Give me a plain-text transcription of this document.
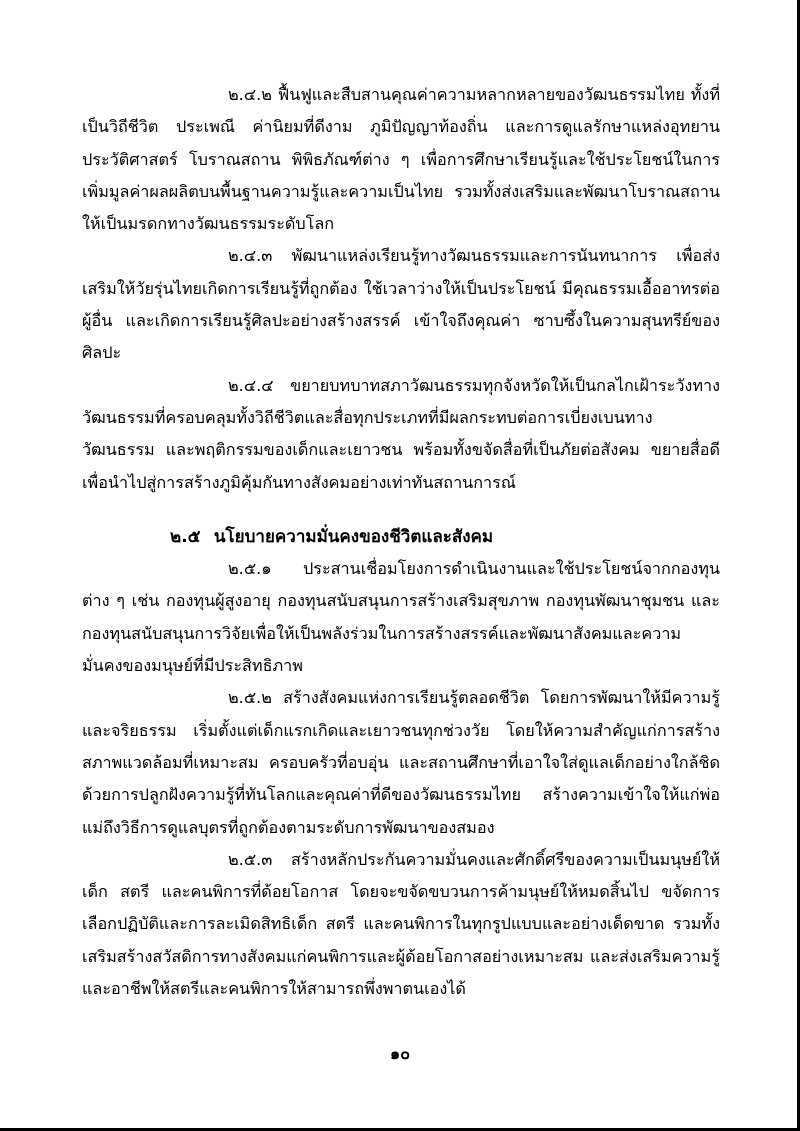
๒.๔.๒ ฟื้นฟูและสืบสานคุณค่าความหลากหลายของวัฒนธรรมไทย ทั้งที่เป็นวิถีชีวิต ประเพณี ค่านิยมที่ดีงาม ภูมิปัญญาท้องถิ่น และการดูแลรักษาแหล่งอุทยานประวัติศาสตร์ โบราณสถาน พิพิธภัณฑ์ต่าง ๆ เพื่อการศึกษาเรียนรู้และใช้ประโยชน์ในการเพิ่มมูลค่าผลผลิตบนพื้นฐานความรู้และความเป็นไทย รวมทั้งส่งเสริมและพัฒนาโบราณสถานให้เป็นมรดกทางวัฒนธรรมระดับโลก

๒.๔.๓ พัฒนาแหล่งเรียนรู้ทางวัฒนธรรมและการนันทนาการ เพื่อส่งเสริมให้วัยรุ่นไทยเกิดการเรียนรู้ที่ถูกต้อง ใช้เวลาว่างให้เป็นประโยชน์ มีคุณธรรมเอื้ออาทรต่อผู้อื่น และเกิดการเรียนรู้ศิลปะอย่างสร้างสรรค์ เข้าใจถึงคุณค่า ซาบซึ้งในความสุนทรีย์ของศิลปะ

๒.๔.๔ ขยายบทบาทสภาวัฒนธรรมทุกจังหวัดให้เป็นกลไกเฝ้าระวังทางวัฒนธรรมที่ครอบคลุมทั้งวิถีชีวิตและสื่อทุกประเภทที่มีผลกระทบต่อการเบี่ยงเบนทางวัฒนธรรม และพฤติกรรมของเด็กและเยาวชน พร้อมทั้งขจัดสื่อที่เป็นภัยต่อสังคม ขยายสื่อดีเพื่อนำไปสู่การสร้างภูมิคุ้มกันทางสังคมอย่างเท่าทันสถานการณ์

๒.๕ นโยบายความมั่นคงของชีวิตและสังคม

๒.๕.๑ ประสานเชื่อมโยงการดำเนินงานและใช้ประโยชน์จากกองทุนต่าง ๆ เช่น กองทุนผู้สูงอายุ กองทุนสนับสนุนการสร้างเสริมสุขภาพ กองทุนพัฒนาชุมชน และกองทุนสนับสนุนการวิจัยเพื่อให้เป็นพลังร่วมในการสร้างสรรค์และพัฒนาสังคมและความมั่นคงของมนุษย์ที่มีประสิทธิภาพ

๒.๕.๒ สร้างสังคมแห่งการเรียนรู้ตลอดชีวิต โดยการพัฒนาให้มีความรู้และจริยธรรม เริ่มตั้งแต่เด็กแรกเกิดและเยาวชนทุกช่วงวัย โดยให้ความสำคัญแก่การสร้างสภาพแวดล้อมที่เหมาะสม ครอบครัวที่อบอุ่น และสถานศึกษาที่เอาใจใส่ดูแลเด็กอย่างใกล้ชิดด้วยการปลูกฝังความรู้ที่ทันโลกและคุณค่าที่ดีของวัฒนธรรมไทย สร้างความเข้าใจให้แก่พ่อแม่ถึงวิธีการดูแลบุตรที่ถูกต้องตามระดับการพัฒนาของสมอง

๒.๕.๓ สร้างหลักประกันความมั่นคงและศักดิ์ศรีของความเป็นมนุษย์ให้เด็ก สตรี และคนพิการที่ด้อยโอกาส โดยจะขจัดขบวนการค้ามนุษย์ให้หมดสิ้นไป ขจัดการเลือกปฏิบัติและการละเมิดสิทธิเด็ก สตรี และคนพิการในทุกรูปแบบและอย่างเด็ดขาด รวมทั้งเสริมสร้างสวัสดิการทางสังคมแก่คนพิการและผู้ด้อยโอกาสอย่างเหมาะสม และส่งเสริมความรู้และอาชีพให้สตรีและคนพิการให้สามารถพึ่งพาตนเองได้

๑๐
